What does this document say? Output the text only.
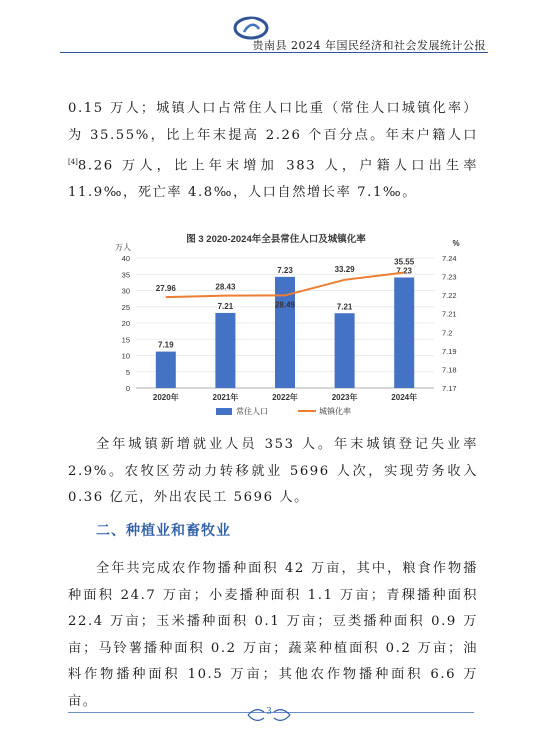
贵南县 2024 年国民经济和社会发展统计公报

0.15 万人；城镇人口占常住人口比重（常住人口城镇化率）为 35.55%，比上年末提高 2.26 个百分点。年末户籍人口[4]8.26 万人，比上年末增加 383 人，户籍人口出生率 11.9‰，死亡率 4.8‰，人口自然增长率 7.1‰。

图 3 2020-2024年全县常住人口及城镇化率
万人	%
0
5
10
15
20
25
30
35
40
7.17
7.18
7.19
7.2
7.21
7.22
7.23
7.24
7.19
7.21
7.23
7.21
7.23
27.96	28.43
28.49
33.29
35.55
2020年	2021年	2022年	2023年	2024年
常住人口	城镇化率

全年城镇新增就业人员 353 人。年末城镇登记失业率 2.9%。农牧区劳动力转移就业 5696 人次，实现劳务收入 0.36 亿元，外出农民工 5696 人。

二、种植业和畜牧业

全年共完成农作物播种面积 42 万亩，其中，粮食作物播种面积 24.7 万亩；小麦播种面积 1.1 万亩；青稞播种面积 22.4 万亩；玉米播种面积 0.1 万亩；豆类播种面积 0.9 万亩；马铃薯播种面积 0.2 万亩；蔬菜种植面积 0.2 万亩；油料作物播种面积 10.5 万亩；其他农作物播种面积 6.6 万亩。

3
